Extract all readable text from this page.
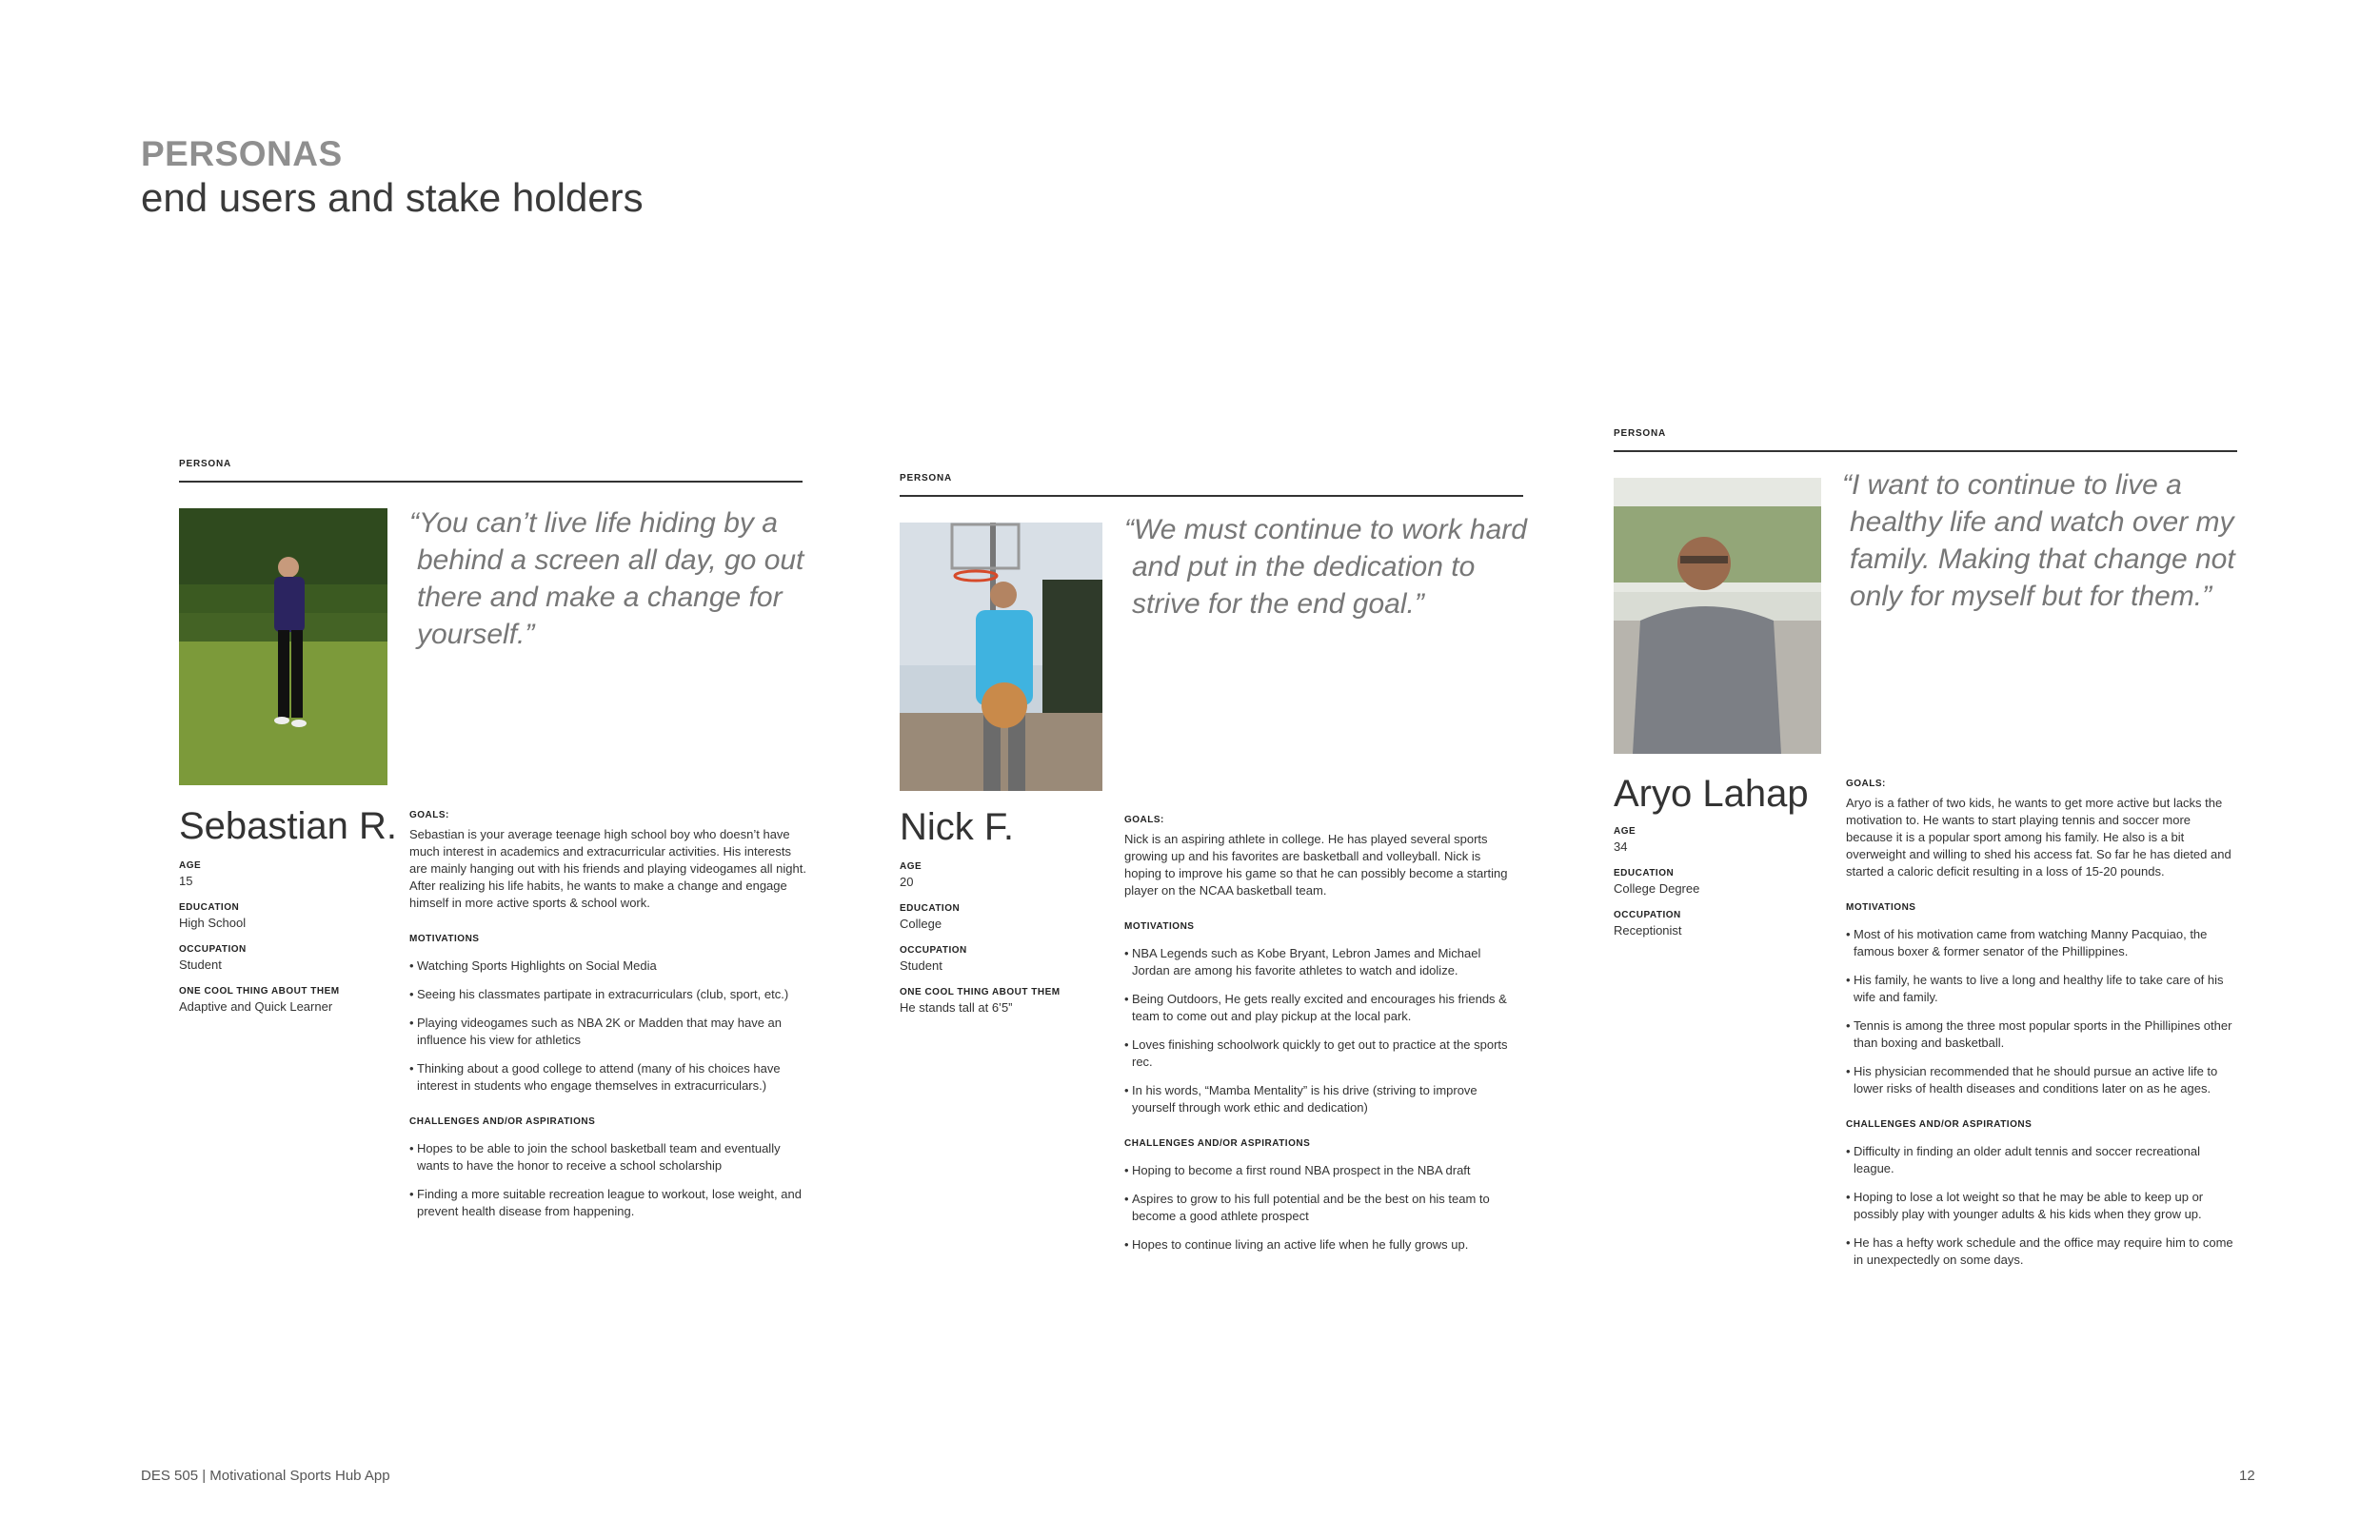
PERSONAS
end users and stake holders
PERSONA
“You can’t live life hiding by a behind a screen all day, go out there and make a change for yourself.”
Sebastian R.
AGE
15
EDUCATION
High School
OCCUPATION
Student
ONE COOL THING ABOUT THEM
Adaptive and Quick Learner
GOALS:

Sebastian is your average teenage high school boy who doesn’t have much interest in academics and extracurricular activities. His interests are mainly hanging out with his friends and playing videogames all night. After realizing his life habits, he wants to make a change and engage himself in more active sports & school work.

MOTIVATIONS
• Watching Sports Highlights on Social Media
• Seeing his classmates partipate in extracurriculars (club, sport, etc.)
• Playing videogames such as NBA 2K or Madden that may have an influence his view for athletics
• Thinking about a good college to attend (many of his choices have interest in students who engage themselves in extracurriculars.)
CHALLENGES AND/OR ASPIRATIONS
• Hopes to be able to join the school basketball team and eventually wants to have the honor to receive a school scholarship
• Finding a more suitable recreation league to workout, lose weight, and prevent health disease from happening.
PERSONA
“We must continue to work hard and put in the dedication to strive for the end goal.”
Nick F.
AGE
20
EDUCATION
College
OCCUPATION
Student
ONE COOL THING ABOUT THEM
He stands tall at 6’5”
GOALS:

Nick is an aspiring athlete in college. He has played several sports growing up and his favorites are basketball and volleyball. Nick is hoping to improve his game so that he can possibly become a starting player on the NCAA basketball team.

MOTIVATIONS
• NBA Legends such as Kobe Bryant, Lebron James and Michael Jordan are among his favorite athletes to watch and idolize.
• Being Outdoors, He gets really excited and encourages his friends & team to come out and play pickup at the local park.
• Loves finishing schoolwork quickly to get out to practice at the sports rec.
• In his words, “Mamba Mentality” is his drive (striving to improve yourself through work ethic and dedication)
CHALLENGES AND/OR ASPIRATIONS
• Hoping to become a first round NBA prospect in the NBA draft
• Aspires to grow to his full potential and be the best on his team to become a good athlete prospect
• Hopes to continue living an active life when he fully grows up.
PERSONA
“I want to continue to live a healthy life and watch over my family. Making that change not only for myself but for them.”
Aryo Lahap
AGE
34
EDUCATION
College Degree
OCCUPATION
Receptionist
GOALS:

Aryo is a father of two kids, he wants to get more active but lacks the motivation to. He wants to start playing tennis and soccer more because it is a popular sport among his family. He also is a bit overweight and willing to shed his access fat. So far he has dieted and started a caloric deficit resulting in a loss of 15-20 pounds.

MOTIVATIONS
• Most of his motivation came from watching Manny Pacquiao, the famous boxer & former senator of the Phillippines.
• His family, he wants to live a long and healthy life to take care of his wife and family.
• Tennis is among the three most popular sports in the Phillipines other than boxing and basketball.
• His physician recommended that he should pursue an active life to lower risks of health diseases and conditions later on as he ages.
CHALLENGES AND/OR ASPIRATIONS
• Difficulty in finding an older adult tennis and soccer recreational league.
• Hoping to lose a lot weight so that he may be able to keep up or possibly play with younger adults & his kids when they grow up.
• He has a hefty work schedule and the office may require him to come in unexpectedly on some days.
DES 505 | Motivational Sports Hub App	12
